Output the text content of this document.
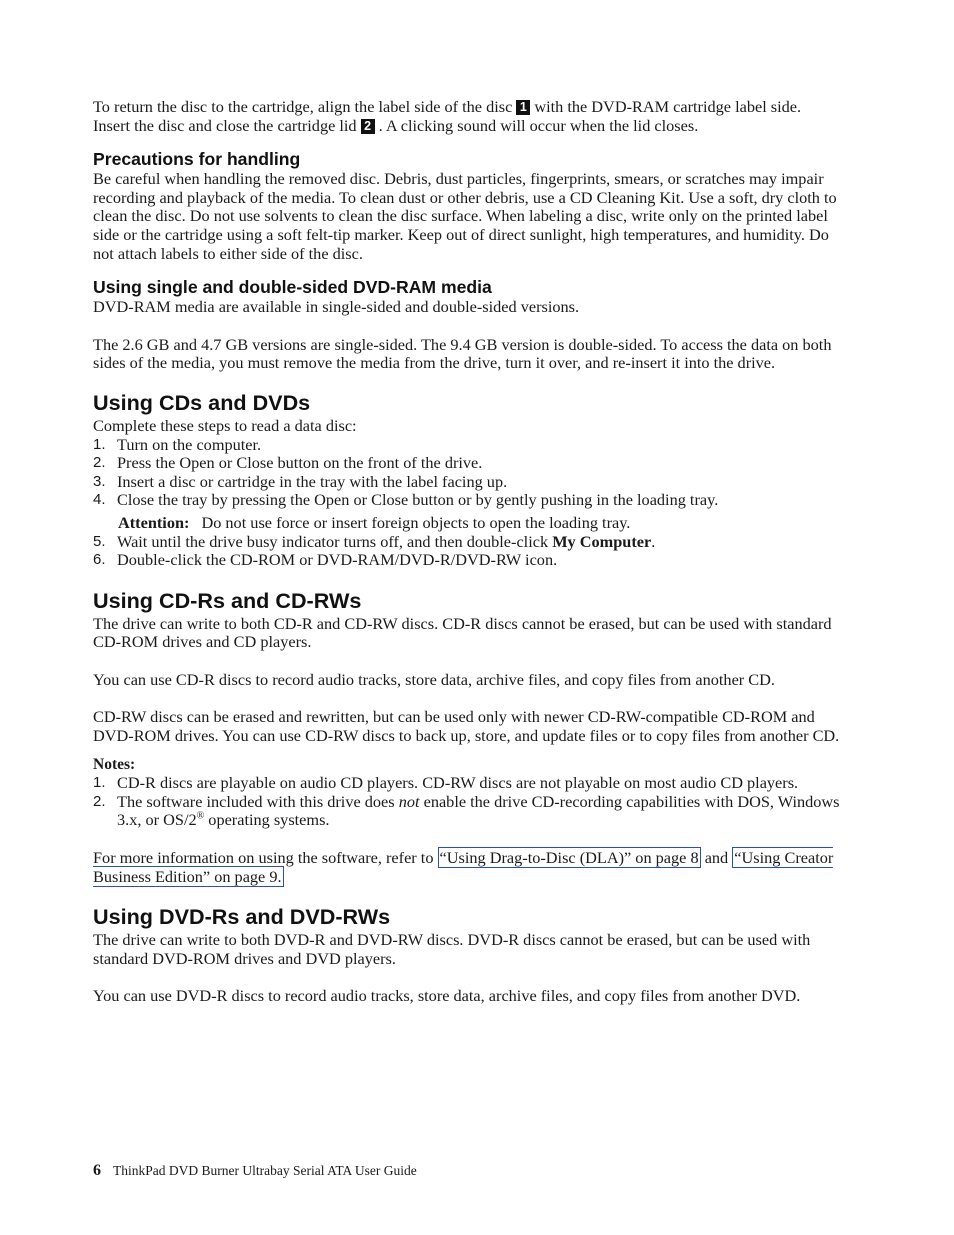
To return the disc to the cartridge, align the label side of the disc 1 with the DVD-RAM cartridge label side. Insert the disc and close the cartridge lid 2 . A clicking sound will occur when the lid closes.

Precautions for handling

Be careful when handling the removed disc. Debris, dust particles, fingerprints, smears, or scratches may impair recording and playback of the media. To clean dust or other debris, use a CD Cleaning Kit. Use a soft, dry cloth to clean the disc. Do not use solvents to clean the disc surface. When labeling a disc, write only on the printed label side or the cartridge using a soft felt-tip marker. Keep out of direct sunlight, high temperatures, and humidity. Do not attach labels to either side of the disc.

Using single and double-sided DVD-RAM media

DVD-RAM media are available in single-sided and double-sided versions.

The 2.6 GB and 4.7 GB versions are single-sided. The 9.4 GB version is double-sided. To access the data on both sides of the media, you must remove the media from the drive, turn it over, and re-insert it into the drive.

Using CDs and DVDs

Complete these steps to read a data disc:

1. Turn on the computer.
2. Press the Open or Close button on the front of the drive.
3. Insert a disc or cartridge in the tray with the label facing up.
4. Close the tray by pressing the Open or Close button or by gently pushing in the loading tray.

Attention: Do not use force or insert foreign objects to open the loading tray.

5. Wait until the drive busy indicator turns off, and then double-click My Computer.
6. Double-click the CD-ROM or DVD-RAM/DVD-R/DVD-RW icon.
Using CD-Rs and CD-RWs

The drive can write to both CD-R and CD-RW discs. CD-R discs cannot be erased, but can be used with standard CD-ROM drives and CD players.

You can use CD-R discs to record audio tracks, store data, archive files, and copy files from another CD.

CD-RW discs can be erased and rewritten, but can be used only with newer CD-RW-compatible CD-ROM and DVD-ROM drives. You can use CD-RW discs to back up, store, and update files or to copy files from another CD.

Notes:

1. CD-R discs are playable on audio CD players. CD-RW discs are not playable on most audio CD players.
2. The software included with this drive does not enable the drive CD-recording capabilities with DOS, Windows 3.x, or OS/2® operating systems.

For more information on using the software, refer to “Using Drag-to-Disc (DLA)” on page 8 and “Using Creator Business Edition” on page 9.

Using DVD-Rs and DVD-RWs

The drive can write to both DVD-R and DVD-RW discs. DVD-R discs cannot be erased, but can be used with standard DVD-ROM drives and DVD players.

You can use DVD-R discs to record audio tracks, store data, archive files, and copy files from another DVD.

6 ThinkPad DVD Burner Ultrabay Serial ATA User Guide
